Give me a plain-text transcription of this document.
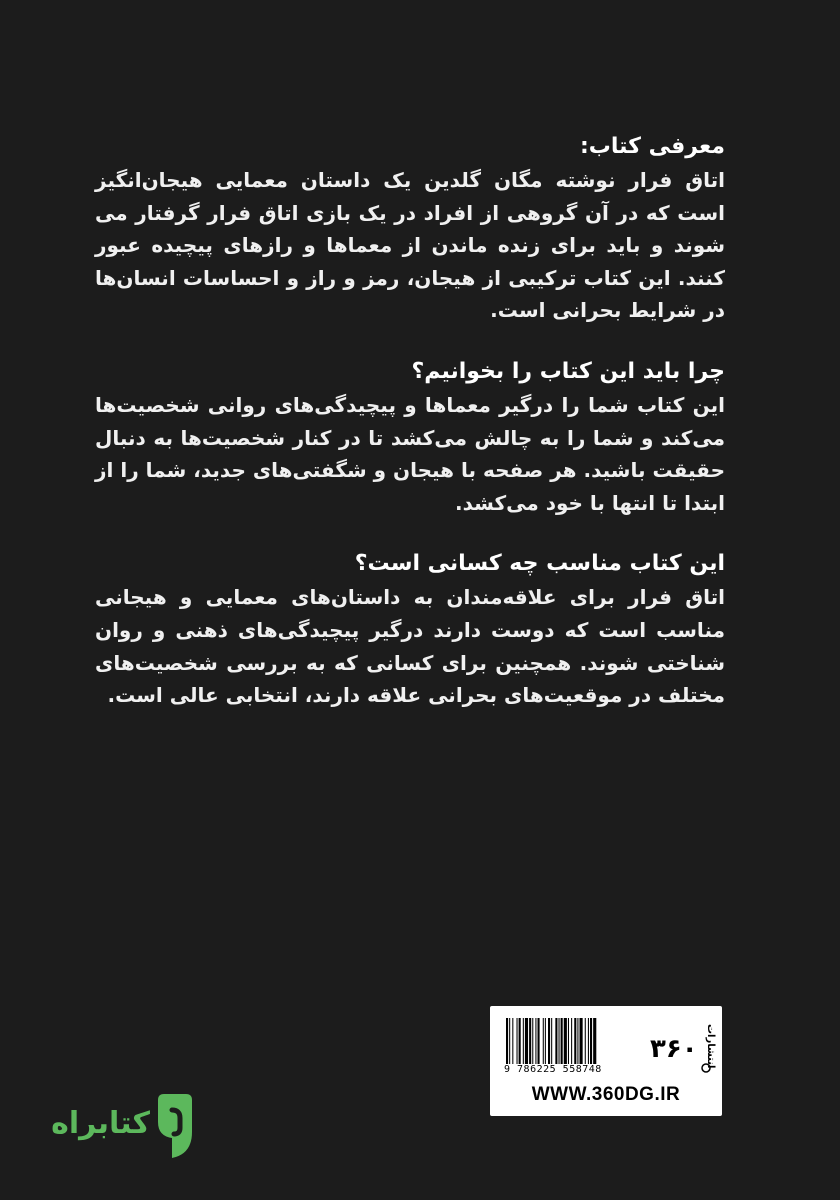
معرفی کتاب:

اتاق فرار نوشته مگان گلدین یک داستان معمایی هیجان‌انگیز است که در آن گروهی از افراد در یک بازی اتاق فرار گرفتار می شوند و باید برای زنده ماندن از معماها و رازهای پیچیده عبور کنند. این کتاب ترکیبی از هیجان، رمز و راز و احساسات انسان‌ها در شرایط بحرانی است.

چرا باید این کتاب را بخوانیم؟

این کتاب شما را درگیر معماها و پیچیدگی‌های روانی شخصیت‌ها می‌کند و شما را به چالش می‌کشد تا در کنار شخصیت‌ها به دنبال حقیقت باشید. هر صفحه با هیجان و شگفتی‌های جدید، شما را از ابتدا تا انتها با خود می‌کشد.

این کتاب مناسب چه کسانی است؟

اتاق فرار برای علاقه‌مندان به داستان‌های معمایی و هیجانی مناسب است که دوست دارند درگیر پیچیدگی‌های ذهنی و روان شناختی شوند. همچنین برای کسانی که به بررسی شخصیت‌های مختلف در موقعیت‌های بحرانی علاقه دارند، انتخابی عالی است.

9 786225 558748
۳۶۰ انتشارات
WWW.360DG.IR
کتابراه
